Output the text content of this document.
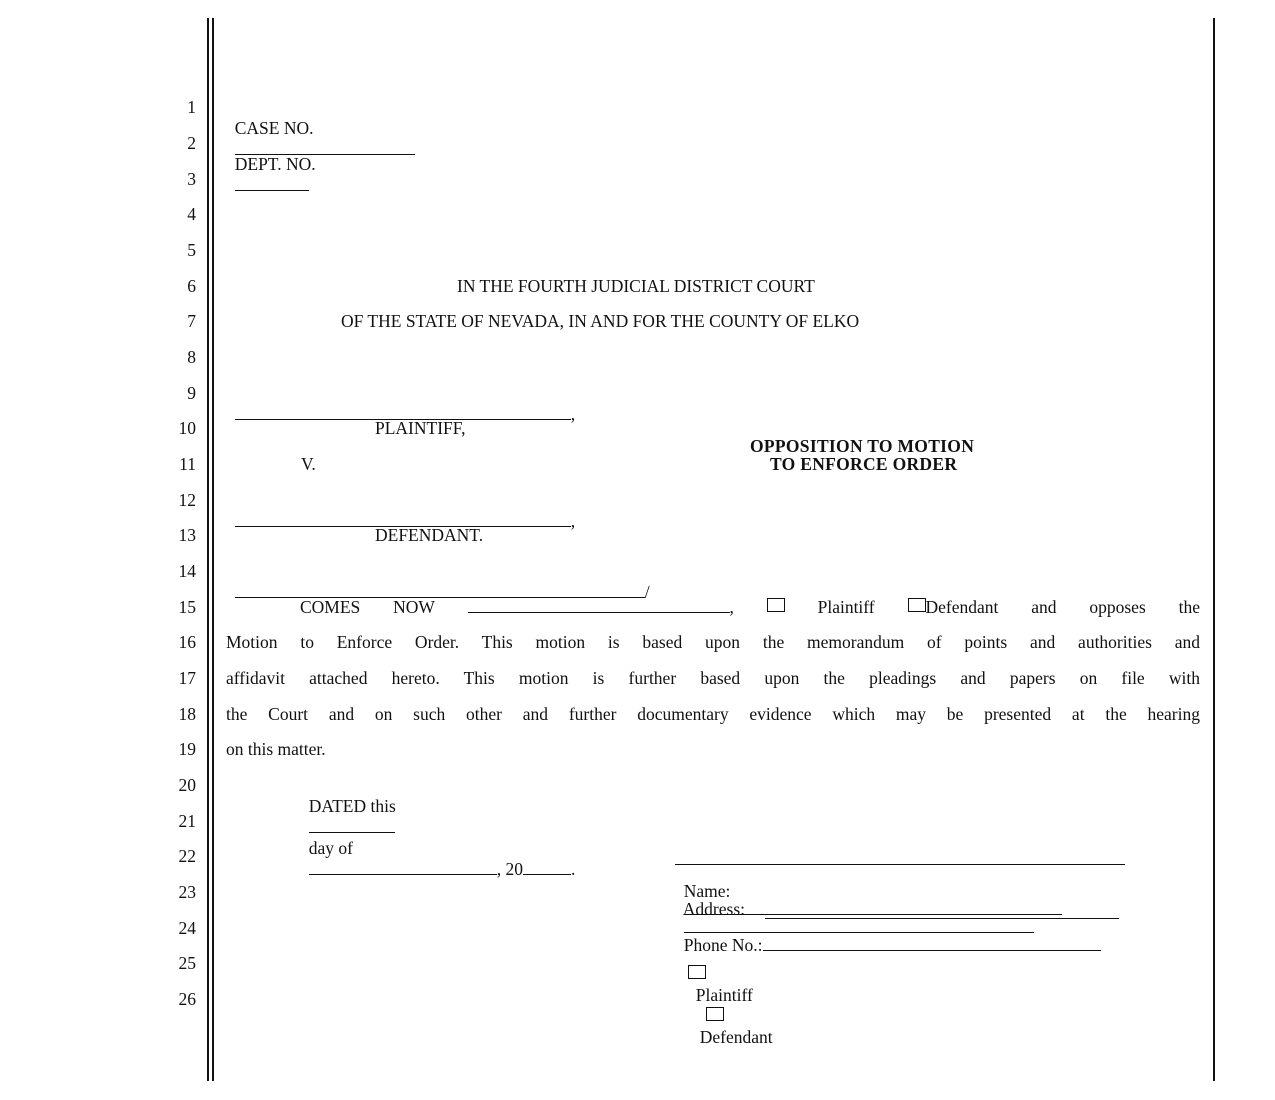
1
2
3
4
5
6
7
8
9
10
11
12
13
14
15
16
17
18
19
20
21
22
23
24
25
26

CASE NO.

DEPT. NO.

IN THE FOURTH JUDICIAL DISTRICT COURT
OF THE STATE OF NEVADA, IN AND FOR THE COUNTY OF ELKO

,

PLAINTIFF,
V.

,

DEFENDANT.

/

OPPOSITION TO MOTION
TO ENFORCE ORDER
COMES NOW	,	Plaintiff	Defendant and opposes the
Motion to Enforce Order. This motion is based upon the memorandum of points and authorities and
affidavit attached hereto. This motion is further based upon the pleadings and papers on file with
the Court and on such other and further documentary evidence which may be presented at the hearing
on this matter.

DATED this

day of
, 20	.

Name:

Address:

Phone No.:

Plaintiff

Defendant
